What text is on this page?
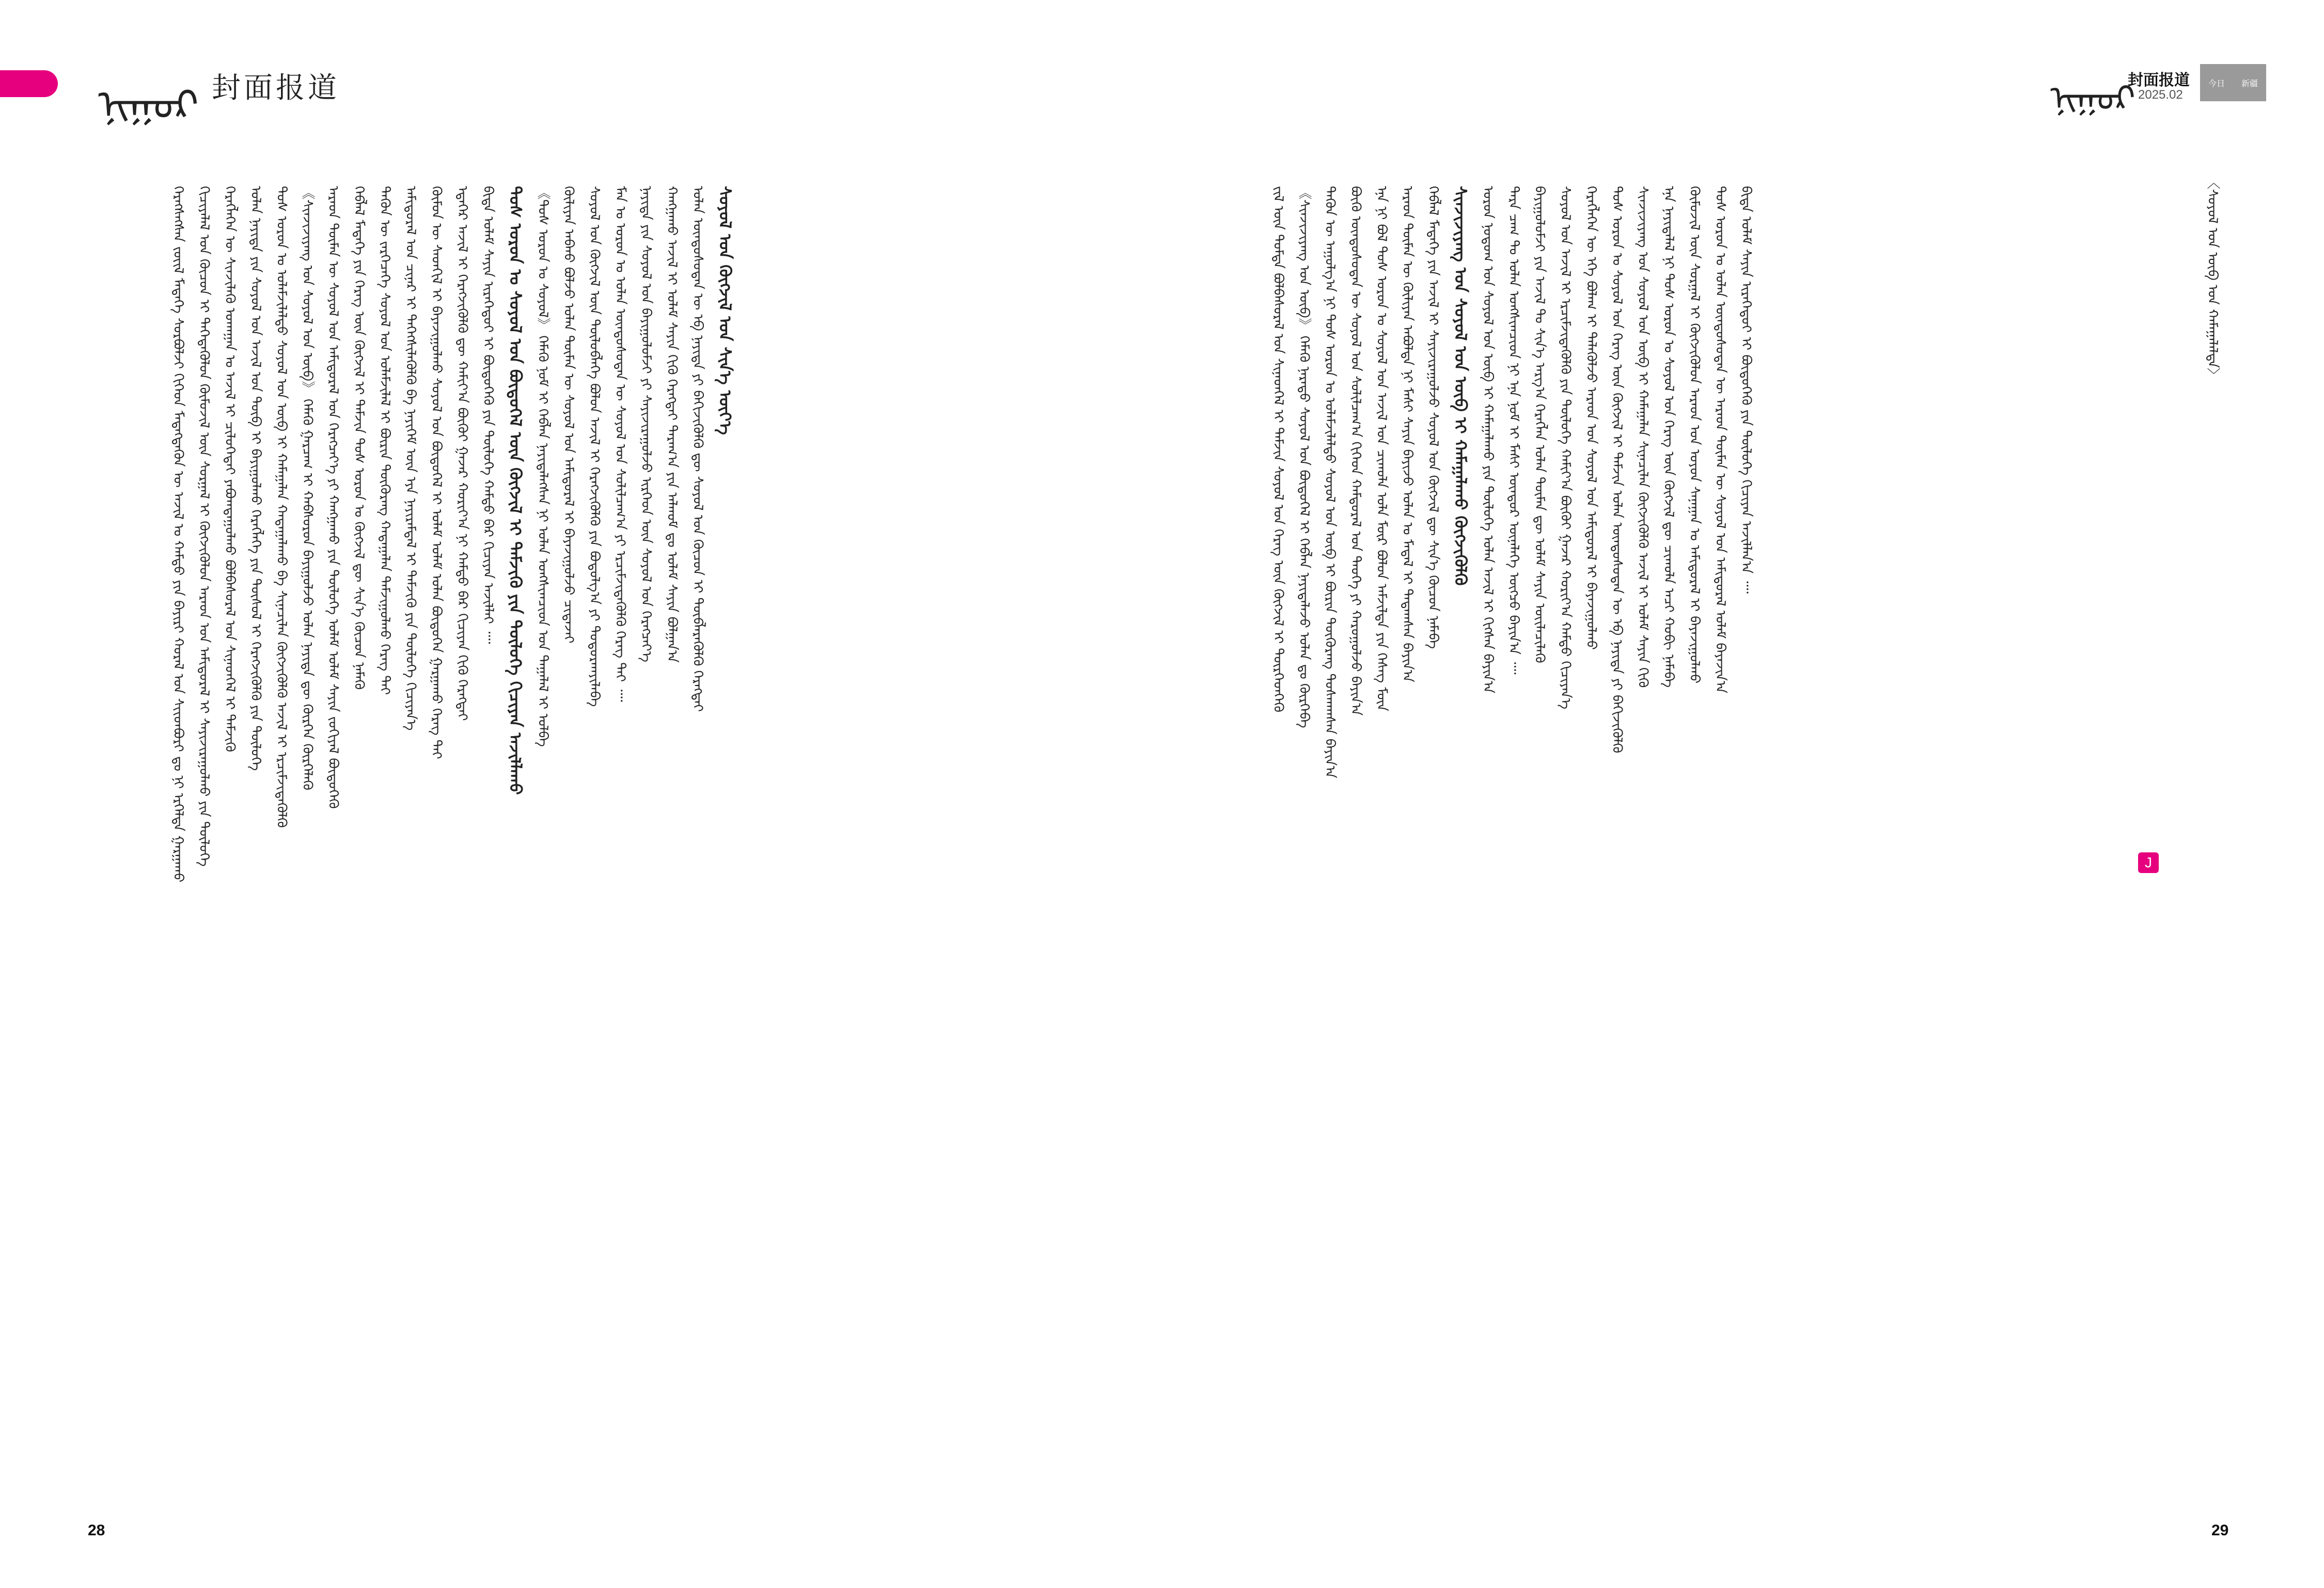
ᠨᠢᠭᠤᠷ 封面报道
ᠬᠡᠷᠡᠭᠰᠡᠭᠰᠡᠨ ᠵᠦᠢᠯ ᠮᠡᠳᠡᠭᠡ ᠰᠤᠷᠪᠤᠯᠵᠢ ᠬᠢᠭᠡᠳ ᠮᠡᠳᠡᠭᠳᠡᠬᠦᠨ ᠦ ᠠᠵᠢᠯ ᠤ ᠬᠠᠮᠲᠤ ᠶᠢᠨ ᠪᠠᠶᠢᠷᠢ ᠬᠤᠷᠠᠯ ᠤᠨ ᠰᠢᠢᠳᠪᠦᠷᠢ ᠳᠤ ᠨᠢ ᠡᠷᠭᠡᠯᠲᠡ ᠭᠠᠷᠭᠠᠬᠤ ᠬᠢᠴᠢᠶᠡᠯᠡᠯ ᠤᠨ ᠬᠦᠴᠦᠨ ᠢ ᠳᠡᠭᠡᠳᠡᠭᠦᠯᠦᠨ ᠬᠦᠮᠦᠵᠢᠯ ᠦᠨ ᠰᠤᠷᠭᠠᠯ ᠢ ᠬᠥᠭᠵᠢᠭᠦᠯᠦᠨ ᠠᠷᠠᠳ ᠤᠨ ᠠᠮᠢᠳᠤᠷᠠᠯ ᠢ ᠰᠠᠶᠢᠵᠢᠷᠠᠭᠤᠯᠬᠤ ᠶᠢᠨ ᠲᠥᠯᠦᠭᠡ ᠬᠡᠷᠡᠭᠯᠡᠭᠡᠨ ᠦ ᠰᠢᠨᠵᠢᠯᠡᠬᠦ ᠤᠬᠠᠭᠠᠨ ᠤ ᠠᠵᠢᠯ ᠢ ᠴᠢᠯᠦᠭᠡᠲᠡᠢ ᠶᠠᠪᠤᠭᠳᠠᠭᠤᠯᠬᠤ ᠪᠣᠯᠪᠠᠰᠤᠷᠠᠯ ᠤᠨ ᠰᠢᠨᠡᠳᠭᠡᠯ ᠢ ᠳᠡᠮᠵᠢᠬᠦ ᠣᠯᠠᠨ ᠨᠡᠶᠢᠲᠡ ᠶᠢᠨ ᠰᠣᠶᠣᠯ ᠤᠨ ᠠᠵᠢᠯ ᠤᠨ ᠲᠥᠪ ᠢ ᠪᠠᠶᠢᠭᠤᠯᠬᠤ ᠬᠡᠷᠡᠭᠯᠡᠭᠡ ᠶᠢᠨ ᠲᠥᠰᠥᠯ ᠢ ᠬᠡᠷᠡᠭᠵᠢᠭᠦᠯᠬᠦ ᠶᠢᠨ ᠲᠥᠯᠦᠭᠡ ᠲᠤᠰ ᠣᠷᠤᠨ ᠤ ᠤᠯᠠᠮᠵᠢᠯᠠᠯᠲᠤ ᠰᠣᠶᠣᠯ ᠤᠨ ᠥᠪ ᠢ ᠬᠠᠮᠠᠭᠠᠯᠠᠨ ᠬᠠᠳᠠᠭᠠᠯᠠᠬᠤ ᠪᠠ ᠰᠢᠨᠡᠴᠢᠯᠡᠨ ᠬᠥᠭᠵᠢᠭᠦᠯᠬᠦ ᠠᠵᠢᠯ ᠢ ᠡᠷᠴᠢᠮᠵᠢᠳᠡᠭᠦᠯᠬᠦ 《ᠰᠢᠨᠵᠢᠵᠢᠶᠠᠩ ᠤᠨ ᠰᠣᠶᠣᠯ ᠤᠨ ᠥᠪ》 ᠬᠡᠮᠡᠬᠦ ᠭᠠᠷᠴᠠᠭ ᠢ ᠬᠠᠪᠰᠤᠷᠤᠨ ᠪᠠᠶᠢᠭᠤᠯᠵᠤ ᠣᠯᠠᠨ ᠨᠡᠶᠢᠲᠡ ᠳᠦ ᠬᠦᠷᠭᠡᠨ ᠬᠦᠷᠭᠡᠯᠡᠬᠦ ᠠᠷᠠᠳ ᠲᠦᠮᠡᠨ ᠦ ᠰᠣᠶᠣᠯ ᠤᠨ ᠠᠮᠢᠳᠤᠷᠠᠯ ᠤᠨ ᠬᠡᠷᠡᠭᠴᠡᠶ᠎ᠡ ᠶᠢ ᠬᠠᠩᠭᠠᠬᠤ ᠶᠢᠨ ᠲᠥᠯᠦᠭᠡ ᠤᠯᠠᠮ ᠤᠯᠠᠮ ᠰᠠᠶᠢᠨ ᠵᠣᠬᠢᠶᠠᠯ ᠪᠦᠲᠦᠭᠡᠬᠦ ᠬᠡᠪᠯᠡᠯ ᠮᠡᠳᠡᠭᠡ ᠶᠢᠨ ᠬᠡᠷᠡᠭ ᠦᠨ ᠬᠥᠭᠵᠢᠯ ᠢ ᠳᠡᠮᠵᠢᠨ ᠲᠤᠰ ᠣᠷᠤᠨ ᠤ ᠬᠥᠭᠵᠢᠯ ᠳᠦ ᠰᠢᠨ᠎ᠡ ᠬᠦᠴᠦᠨ ᠨᠡᠮᠡᠬᠦ ᠲᠡᠭᠦᠨ ᠦ ᠵᠡᠷᠭᠡᠴᠡᠭᠡ ᠰᠣᠶᠣᠯ ᠤᠨ ᠤᠯᠠᠮᠵᠢᠯᠠᠯ ᠢ ᠪᠦᠷᠢᠨ ᠳᠦᠭᠦᠷᠡᠩ ᠬᠠᠳᠠᠭᠠᠯᠠᠨ ᠳᠠᠮᠵᠢᠭᠤᠯᠬᠤ ᠬᠡᠷᠡᠭ ᠲᠡᠢ ᠠᠮᠢᠳᠤᠷᠠᠯ ᠤᠨ ᠴᠢᠨᠠᠷ ᠢ ᠳᠡᠭᠡᠭᠰᠢᠯᠡᠭᠦᠯᠬᠦ ᠪᠠ ᠨᠡᠶᠢᠭᠡᠮ ᠦᠨ ᠡᠶᠡ ᠨᠠᠶᠢᠷᠠᠮᠳᠠᠯ ᠢ ᠳᠡᠮᠵᠢᠬᠦ ᠶᠢᠨ ᠲᠥᠯᠦᠭᠡ ᠬᠢᠴᠢᠶᠡᠨ᠎ᠡ ᠬᠦᠮᠦᠨ ᠦ ᠰᠡᠳᠬᠢᠯ ᠢ ᠪᠠᠶᠠᠵᠢᠭᠤᠯᠬᠤ ᠰᠣᠶᠣᠯ ᠤᠨ ᠪᠦᠲᠦᠭᠡᠯ ᠢ ᠤᠯᠠᠮ ᠤᠯᠠᠮ ᠤᠯᠠᠨ ᠪᠦᠲᠦᠭᠡᠨ ᠭᠠᠷᠭᠠᠬᠤ ᠬᠡᠷᠡᠭ ᠲᠡᠢ ᠡᠳᠡᠭᠡᠷ ᠠᠵᠢᠯ ᠢ ᠬᠡᠷᠡᠭᠵᠢᠭᠦᠯᠬᠦ ᠳᠦ ᠬᠠᠮᠢᠶ᠎ᠠ ᠪᠦᠬᠦᠢ ᠭᠠᠵᠠᠷ ᠬᠣᠷᠢᠶ᠎ᠠ ᠨᠢ ᠬᠠᠮᠲᠤ ᠪᠡᠷ ᠬᠢᠴᠢᠶᠡᠨ ᠬᠢᠬᠦ ᠬᠡᠷᠡᠭᠲᠡᠢ ᠪᠢᠳᠡ ᠤᠯᠠᠮ ᠰᠠᠶᠢᠨ ᠢᠷᠡᠭᠡᠳᠦᠶ ᠢ ᠪᠦᠲᠦᠭᠡᠬᠦ ᠶᠢᠨ ᠲᠥᠯᠦᠭᠡ ᠬᠠᠮᠲᠤ ᠪᠡᠷ ᠬᠢᠴᠢᠶᠡᠨ ᠠᠵᠢᠯᠯᠠᠶ ᠁ ᠲᠤᠰ ᠣᠷᠤᠨ ᠤ ᠰᠣᠶᠣᠯ ᠤᠨ ᠪᠦᠲᠦᠭᠡᠯ ᠦᠨ ᠬᠥᠭᠵᠢᠯ ᠢ ᠳᠡᠮᠵᠢᠬᠦ ᠶᠢᠨ ᠲᠥᠯᠦᠭᠡ ᠬᠢᠴᠢᠶᠡᠨ ᠠᠵᠢᠯᠯᠠᠬᠤ 《ᠲᠤᠰ ᠣᠷᠤᠨ ᠤ ᠰᠣᠶᠣᠯ》 ᠬᠡᠮᠡᠬᠦ ᠨᠣᠮ ᠢ ᠬᠡᠪᠯᠡᠨ ᠨᠡᠶᠢᠲᠡᠯᠡᠭᠰᠡᠨ ᠨᠢ ᠣᠯᠠᠨ ᠤᠩᠰᠢᠭᠴᠢᠳ ᠤᠨ ᠲᠠᠭᠠᠯᠠᠯ ᠢ ᠣᠯᠪᠠ ᠬᠦᠯᠢᠶᠡᠨ ᠠᠪᠬᠤ ᠪᠣᠯᠵᠤ ᠣᠯᠠᠨ ᠲᠦᠮᠡᠨ ᠦ ᠰᠣᠶᠣᠯ ᠤᠨ ᠠᠮᠢᠳᠤᠷᠠᠯ ᠢ ᠪᠠᠶᠠᠵᠢᠭᠤᠯᠵᠤ ᠴᠢᠳᠠᠵᠠᠶ ᠰᠣᠶᠣᠯ ᠤᠨ ᠬᠥᠭᠵᠢᠯ ᠦᠨ ᠲᠥᠯᠦᠪᠯᠡᠭᠡ ᠪᠣᠯᠤᠨ ᠠᠵᠢᠯ ᠢ ᠬᠡᠷᠡᠭᠵᠢᠭᠦᠯᠬᠦ ᠶᠢᠨ ᠪᠣᠳᠤᠯᠭ᠎ᠠ ᠶᠢ ᠲᠣᠳᠣᠷᠬᠠᠶᠢᠯᠠᠪᠠ ᠮᠠᠨ ᠤ ᠣᠷᠤᠨ ᠤ ᠣᠯᠠᠨ ᠦᠨᠳᠦᠰᠦᠲᠡᠨ ᠦ ᠰᠣᠶᠣᠯ ᠤᠨ ᠰᠣᠯᠢᠯᠴᠠᠭ᠎ᠠ ᠶᠢ ᠡᠷᠴᠢᠮᠵᠢᠳᠡᠭᠦᠯᠬᠦ ᠬᠡᠷᠡᠭ ᠲᠡᠢ ᠁ ᠨᠡᠶᠢᠲᠡ ᠶᠢᠨ ᠰᠣᠶᠣᠯ ᠤᠨ ᠪᠠᠶᠢᠭᠤᠯᠤᠮᠵᠢ ᠶᠢ ᠰᠠᠶᠢᠵᠢᠷᠠᠭᠤᠯᠵᠤ ᠢᠷᠭᠡᠳ ᠦᠨ ᠰᠣᠶᠣᠯ ᠤᠨ ᠬᠡᠷᠡᠭᠴᠡᠶ᠎ᠡ ᠬᠠᠩᠭᠠᠬᠤ ᠠᠵᠢᠯ ᠢ ᠤᠯᠠᠮ ᠰᠠᠶᠢᠨ ᠬᠢᠬᠦ ᠬᠡᠷᠡᠭᠲᠡᠢ ᠳᠠᠷᠠᠭ᠎ᠠ ᠶᠢᠨ ᠠᠯᠬᠤᠮ ᠳᠤ ᠤᠯᠠᠮ ᠰᠠᠶᠢᠨ ᠪᠣᠯᠭᠠᠨ᠎ᠠ ᠣᠯᠠᠨ ᠦᠨᠳᠦᠰᠦᠲᠡᠨ ᠦ ᠡᠪ ᠨᠡᠶᠢᠲᠡ ᠶᠢ ᠪᠡᠬᠢᠵᠢᠭᠦᠯᠬᠦ ᠳᠦ ᠰᠣᠶᠣᠯ ᠤᠨ ᠬᠦᠴᠦᠨ ᠢ ᠲᠥᠪᠯᠡᠷᠡᠭᠦᠯᠬᠦ ᠬᠡᠷᠡᠭᠲᠡᠢ ᠰᠣᠶᠣᠯ ᠤᠨ ᠬᠥᠭᠵᠢᠯ ᠤᠨ ᠰᠢᠨ᠎ᠡ ᠦᠶ᠎ᠡ
28
ᠨᠢᠭᠤᠷ
封面报道
2025.02
今日 新疆
ᠵᠢᠯ ᠦᠨ ᠳᠤᠮᠳᠠ ᠪᠣᠯᠪᠠᠰᠤᠷᠠᠯ ᠤᠨ ᠰᠢᠨᠡᠳᠭᠡᠯ ᠢ ᠳᠡᠮᠵᠢᠨ ᠰᠣᠶᠣᠯ ᠤᠨ ᠬᠡᠷᠡᠭ ᠦᠨ ᠬᠥᠭᠵᠢᠯ ᠢ ᠲᠦᠷᠭᠡᠳᠭᠡᠬᠦ 《ᠰᠢᠨᠵᠢᠵᠢᠶᠠᠩ ᠤᠨ ᠥᠪ》 ᠬᠡᠮᠡᠬᠦ ᠨᠡᠷᠡᠲᠦ ᠰᠣᠶᠣᠯ ᠤᠨ ᠪᠦᠲᠦᠭᠡᠯ ᠢ ᠬᠡᠪᠯᠡᠨ ᠨᠡᠶᠢᠲᠡᠯᠡᠵᠦ ᠣᠯᠠᠨ ᠳᠤ ᠬᠦᠷᠭᠡᠪᠡ ᠲᠡᠭᠦᠨ ᠦ ᠠᠭᠤᠯᠭ᠎ᠠ ᠨᠢ ᠲᠤᠰ ᠣᠷᠤᠨ ᠤ ᠤᠯᠠᠮᠵᠢᠯᠠᠯᠲᠤ ᠰᠣᠶᠣᠯ ᠤᠨ ᠥᠪ ᠢ ᠪᠦᠷᠢᠨ ᠳᠦᠭᠦᠷᠡᠩ ᠲᠤᠰᠬᠠᠭᠰᠠᠨ ᠪᠠᠶᠢᠨ᠎ᠠ ᠪᠦᠬᠦ ᠦᠨᠳᠦᠰᠦᠲᠡᠨ ᠦ ᠰᠣᠶᠣᠯ ᠤᠨ ᠰᠣᠯᠢᠯᠴᠠᠭ᠎ᠠ ᠬᠢᠭᠡᠳ ᠬᠠᠮᠲᠤᠷᠠᠯ ᠤᠨ ᠲᠡᠦᠬᠡ ᠶᠢ ᠬᠠᠷᠤᠭᠤᠯᠵᠤ ᠪᠠᠶᠢᠨ᠎ᠠ ᠡᠨᠡ ᠨᠢ ᠪᠣᠯ ᠲᠤᠰ ᠣᠷᠤᠨ ᠤ ᠰᠣᠶᠣᠯ ᠤᠨ ᠠᠵᠢᠯ ᠤᠨ ᠴᠢᠬᠤᠯᠠ ᠤᠯᠠ ᠮᠦᠷ ᠪᠣᠯᠤᠨ ᠠᠮᠵᠢᠯᠲᠠ ᠶᠢᠨ ᠬᠡᠰᠡᠭ ᠮᠥᠨ ᠠᠷᠠᠳ ᠲᠦᠮᠡᠨ ᠦ ᠬᠦᠯᠢᠶᠡᠨ ᠠᠪᠤᠯᠲᠠ ᠨᠢ ᠮᠠᠰᠢ ᠰᠠᠶᠢᠨ ᠪᠠᠶᠢᠵᠤ ᠣᠯᠠᠨ ᠤ ᠮᠡᠳᠡᠯ ᠢ ᠲᠠᠲᠠᠭᠰᠠᠨ ᠪᠠᠶᠢᠨ᠎ᠠ ᠬᠡᠪᠯᠡᠯ ᠮᠡᠳᠡᠭᠡ ᠶᠢᠨ ᠠᠵᠢᠯ ᠢ ᠰᠠᠶᠢᠵᠢᠷᠠᠭᠤᠯᠵᠤ ᠰᠣᠶᠣᠯ ᠤᠨ ᠬᠥᠭᠵᠢᠯ ᠳᠦ ᠰᠢᠨ᠎ᠡ ᠬᠦᠴᠦᠨ ᠨᠡᠮᠡᠪᠡ ᠰᠢᠨᠵᠢᠵᠢᠶᠠᠩ ᠤᠨ ᠰᠣᠶᠣᠯ ᠤᠨ ᠥᠪ ᠢ ᠬᠠᠮᠠᠭᠠᠯᠠᠬᠤ ᠬᠥᠭᠵᠢᠭᠦᠯᠬᠦ ᠣᠷᠤᠨ ᠨᠤᠲᠤᠭ ᠤᠨ ᠰᠣᠶᠣᠯ ᠤᠨ ᠥᠪ ᠢ ᠬᠠᠮᠠᠭᠠᠯᠠᠬᠤ ᠶᠢᠨ ᠲᠥᠯᠦᠭᠡ ᠣᠯᠠᠨ ᠠᠵᠢᠯ ᠢ ᠬᠢᠭᠰᠡᠨ ᠪᠠᠶᠢᠨ᠎ᠠ ᠲᠡᠷᠡ ᠴᠠᠭ ᠲᠤ ᠣᠯᠠᠨ ᠤᠩᠰᠢᠭᠴᠢᠳ ᠨᠢ ᠡᠨᠡ ᠨᠣᠮ ᠢ ᠮᠠᠰᠢ ᠥᠨᠳᠥᠷ ᠦᠨᠡᠯᠡᠭᠡ ᠥᠭᠴᠦ ᠪᠠᠶᠢᠨ᠎ᠠ ᠁ ᠪᠠᠶᠢᠭᠤᠯᠤᠮᠵᠢ ᠶᠢᠨ ᠠᠵᠢᠯ ᠲᠤ ᠰᠢᠨ᠎ᠡ ᠠᠷᠭ᠎ᠠ ᠬᠡᠷᠡᠭᠯᠡᠨ ᠣᠯᠠᠨ ᠲᠦᠮᠡᠨ ᠳᠦ ᠤᠯᠠᠮ ᠰᠠᠶᠢᠨ ᠦᠢᠯᠡᠴᠢᠯᠡᠬᠦ ᠰᠣᠶᠣᠯ ᠤᠨ ᠠᠵᠢᠯ ᠢ ᠡᠷᠴᠢᠮᠵᠢᠳᠡᠭᠦᠯᠬᠦ ᠶᠢᠨ ᠲᠥᠯᠦᠭᠡ ᠬᠠᠮᠢᠶ᠎ᠠ ᠪᠦᠬᠦᠢ ᠭᠠᠵᠠᠷ ᠬᠣᠷᠢᠶ᠎ᠠ ᠬᠠᠮᠲᠤ ᠬᠢᠴᠢᠶᠡᠨ᠎ᠡ ᠬᠡᠷᠡᠭᠯᠡᠭᠡᠨ ᠦ ᠡᠬᠡ ᠪᠤᠯᠠᠭ ᠢ ᠲᠡᠯᠡᠭᠦᠯᠵᠦ ᠠᠷᠠᠳ ᠤᠨ ᠰᠣᠶᠣᠯ ᠤᠨ ᠠᠮᠢᠳᠤᠷᠠᠯ ᠢ ᠪᠠᠶᠠᠵᠢᠭᠤᠯᠬᠤ ᠲᠤᠰ ᠣᠷᠤᠨ ᠤ ᠰᠣᠶᠣᠯ ᠤᠨ ᠬᠡᠷᠡᠭ ᠦᠨ ᠬᠥᠭᠵᠢᠯ ᠢ ᠳᠡᠮᠵᠢᠨ ᠣᠯᠠᠨ ᠦᠨᠳᠦᠰᠦᠲᠡᠨ ᠦ ᠡᠪ ᠨᠡᠶᠢᠲᠡ ᠶᠢ ᠪᠡᠬᠢᠵᠢᠭᠦᠯᠬᠦ ᠰᠢᠨᠵᠢᠵᠢᠶᠠᠩ ᠤᠨ ᠰᠣᠶᠣᠯ ᠤᠨ ᠥᠪ ᠢ ᠬᠠᠮᠠᠭᠠᠯᠠᠨ ᠰᠢᠨᠡᠴᠢᠯᠡᠨ ᠬᠥᠭᠵᠢᠭᠦᠯᠬᠦ ᠠᠵᠢᠯ ᠢ ᠤᠯᠠᠮ ᠰᠠᠶᠢᠨ ᠬᠢᠬᠦ ᠡᠨᠡ ᠨᠡᠶᠢᠲᠡᠯᠡᠯ ᠨᠢ ᠲᠤᠰ ᠣᠷᠤᠨ ᠤ ᠰᠣᠶᠣᠯ ᠤᠨ ᠬᠡᠷᠡᠭ ᠦᠨ ᠬᠥᠭᠵᠢᠯ ᠳᠦ ᠴᠢᠬᠤᠯᠠ ᠠᠴᠢ ᠬᠤᠪᠢ ᠨᠡᠮᠡᠪᠡ ᠬᠦᠮᠦᠵᠢᠯ ᠦᠨ ᠰᠤᠷᠭᠠᠯ ᠢ ᠬᠥᠭᠵᠢᠭᠦᠯᠦᠨ ᠠᠷᠠᠳ ᠤᠨ ᠤᠶᠤᠨ ᠰᠠᠨᠠᠭᠠᠨ ᠤ ᠠᠮᠢᠳᠤᠷᠠᠯ ᠢ ᠪᠠᠶᠠᠵᠢᠭᠤᠯᠬᠤ ᠲᠤᠰ ᠣᠷᠤᠨ ᠤ ᠣᠯᠠᠨ ᠦᠨᠳᠦᠰᠦᠲᠡᠨ ᠦ ᠠᠷᠠᠳ ᠲᠦᠮᠡᠨ ᠦ ᠰᠣᠶᠣᠯ ᠤᠨ ᠠᠮᠢᠳᠤᠷᠠᠯ ᠤᠯᠠᠮ ᠪᠠᠶᠠᠵᠢᠨ᠎ᠠ ᠪᠢᠳᠡ ᠤᠯᠠᠮ ᠰᠠᠶᠢᠨ ᠢᠷᠡᠭᠡᠳᠦᠶ ᠢ ᠪᠦᠲᠦᠭᠡᠬᠦ ᠶᠢᠨ ᠲᠥᠯᠦᠭᠡ ᠬᠢᠴᠢᠶᠡᠨ ᠠᠵᠢᠯᠯᠠᠨ᠎ᠠ ᠁	〈ᠰᠣᠶᠣᠯ ᠤᠨ ᠥᠪ ᠤᠨ ᠬᠠᠮᠠᠭᠠᠯᠠᠯᠲᠠ〉
J
29
